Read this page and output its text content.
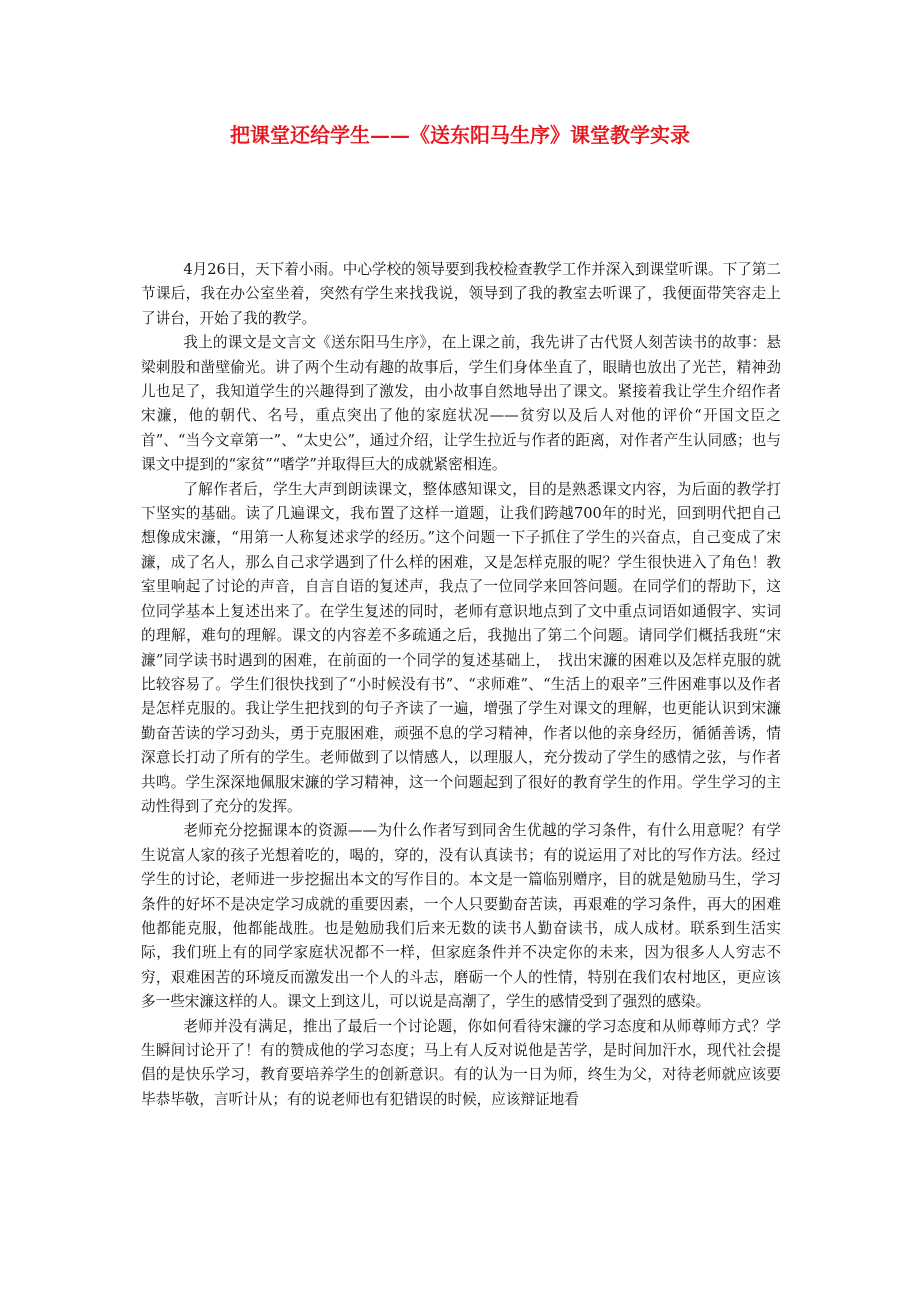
把课堂还给学生——《送东阳马生序》课堂教学实录

4月26日，天下着小雨。中心学校的领导要到我校检查教学工作并深入到课堂听课。下了第二节课后，我在办公室坐着，突然有学生来找我说，领导到了我的教室去听课了，我便面带笑容走上了讲台，开始了我的教学。

我上的课文是文言文《送东阳马生序》，在上课之前，我先讲了古代贤人刻苦读书的故事：悬梁刺股和凿壁偷光。讲了两个生动有趣的故事后，学生们身体坐直了，眼睛也放出了光芒，精神劲儿也足了，我知道学生的兴趣得到了激发，由小故事自然地导出了课文。紧接着我让学生介绍作者宋濂，他的朝代、名号，重点突出了他的家庭状况——贫穷以及后人对他的评价“开国文臣之首”、“当今文章第一”、“太史公”，通过介绍，让学生拉近与作者的距离，对作者产生认同感；也与课文中提到的“家贫”“嗜学”并取得巨大的成就紧密相连。

了解作者后，学生大声到朗读课文，整体感知课文，目的是熟悉课文内容，为后面的教学打下坚实的基础。读了几遍课文，我布置了这样一道题，让我们跨越700年的时光，回到明代把自己想像成宋濂，“用第一人称复述求学的经历。”这个问题一下子抓住了学生的兴奋点，自己变成了宋濂，成了名人，那么自己求学遇到了什么样的困难，又是怎样克服的呢？学生很快进入了角色！教室里响起了讨论的声音，自言自语的复述声，我点了一位同学来回答问题。在同学们的帮助下，这位同学基本上复述出来了。在学生复述的同时，老师有意识地点到了文中重点词语如通假字、实词的理解，难句的理解。课文的内容差不多疏通之后，我抛出了第二个问题。请同学们概括我班“宋濂”同学读书时遇到的困难，在前面的一个同学的复述基础上，　找出宋濂的困难以及怎样克服的就比较容易了。学生们很快找到了“小时候没有书”、“求师难”、“生活上的艰辛”三件困难事以及作者是怎样克服的。我让学生把找到的句子齐读了一遍，增强了学生对课文的理解，也更能认识到宋濂勤奋苦读的学习劲头，勇于克服困难，顽强不息的学习精神，作者以他的亲身经历，循循善诱，情深意长打动了所有的学生。老师做到了以情感人，以理服人，充分拨动了学生的感情之弦，与作者共鸣。学生深深地佩服宋濂的学习精神，这一个问题起到了很好的教育学生的作用。学生学习的主动性得到了充分的发挥。

老师充分挖掘课本的资源——为什么作者写到同舍生优越的学习条件，有什么用意呢？有学生说富人家的孩子光想着吃的，喝的，穿的，没有认真读书；有的说运用了对比的写作方法。经过学生的讨论，老师进一步挖掘出本文的写作目的。本文是一篇临别赠序，目的就是勉励马生，学习条件的好坏不是决定学习成就的重要因素，一个人只要勤奋苦读，再艰难的学习条件，再大的困难他都能克服，他都能战胜。也是勉励我们后来无数的读书人勤奋读书，成人成材。联系到生活实际，我们班上有的同学家庭状况都不一样，但家庭条件并不决定你的未来，因为很多人人穷志不穷，艰难困苦的环境反而激发出一个人的斗志，磨砺一个人的性情，特别在我们农村地区，更应该多一些宋濂这样的人。课文上到这儿，可以说是高潮了，学生的感情受到了强烈的感染。

老师并没有满足，推出了最后一个讨论题，你如何看待宋濂的学习态度和从师尊师方式？学生瞬间讨论开了！有的赞成他的学习态度；马上有人反对说他是苦学，是时间加汗水，现代社会提倡的是快乐学习，教育要培养学生的创新意识。有的认为一日为师，终生为父，对待老师就应该要毕恭毕敬，言听计从；有的说老师也有犯错误的时候，应该辩证地看
